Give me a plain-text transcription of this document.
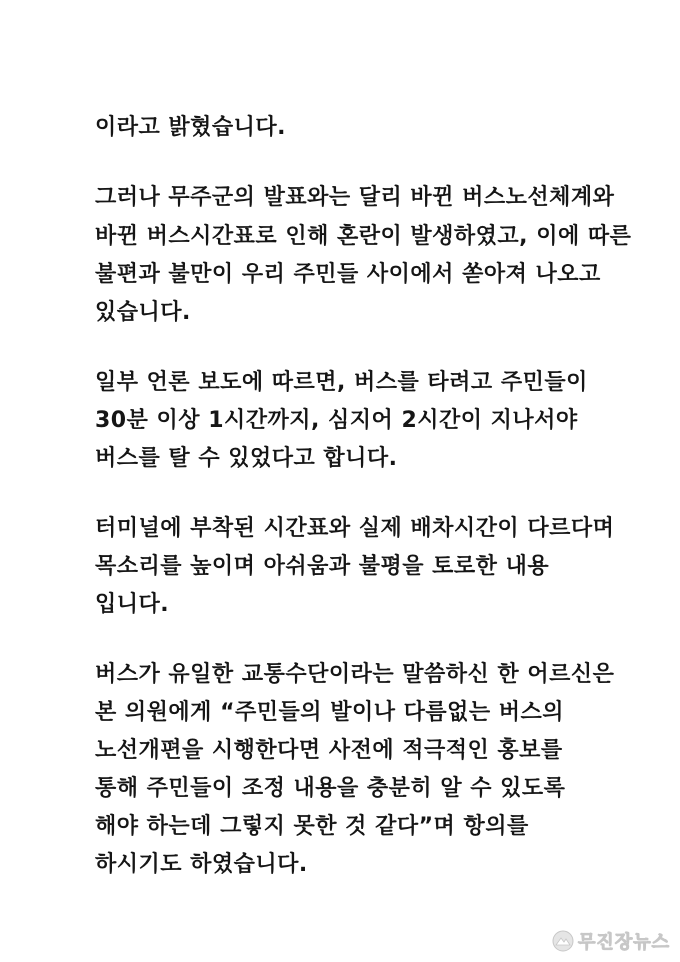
이라고 밝혔습니다.
그러나 무주군의 발표와는 달리 바뀐 버스노선체계와
바뀐 버스시간표로 인해 혼란이 발생하였고, 이에 따른
불편과 불만이 우리 주민들 사이에서 쏟아져 나오고
있습니다.
일부 언론 보도에 따르면, 버스를 타려고 주민들이
30분 이상 1시간까지, 심지어 2시간이 지나서야
버스를 탈 수 있었다고 합니다.
터미널에 부착된 시간표와 실제 배차시간이 다르다며
목소리를 높이며 아쉬움과 불평을 토로한 내용
입니다.
버스가 유일한 교통수단이라는 말씀하신 한 어르신은
본 의원에게 “주민들의 발이나 다름없는 버스의
노선개편을 시행한다면 사전에 적극적인 홍보를
통해 주민들이 조정 내용을 충분히 알 수 있도록
해야 하는데 그렇지 못한 것 같다”며 항의를
하시기도 하였습니다.
무진장뉴스
